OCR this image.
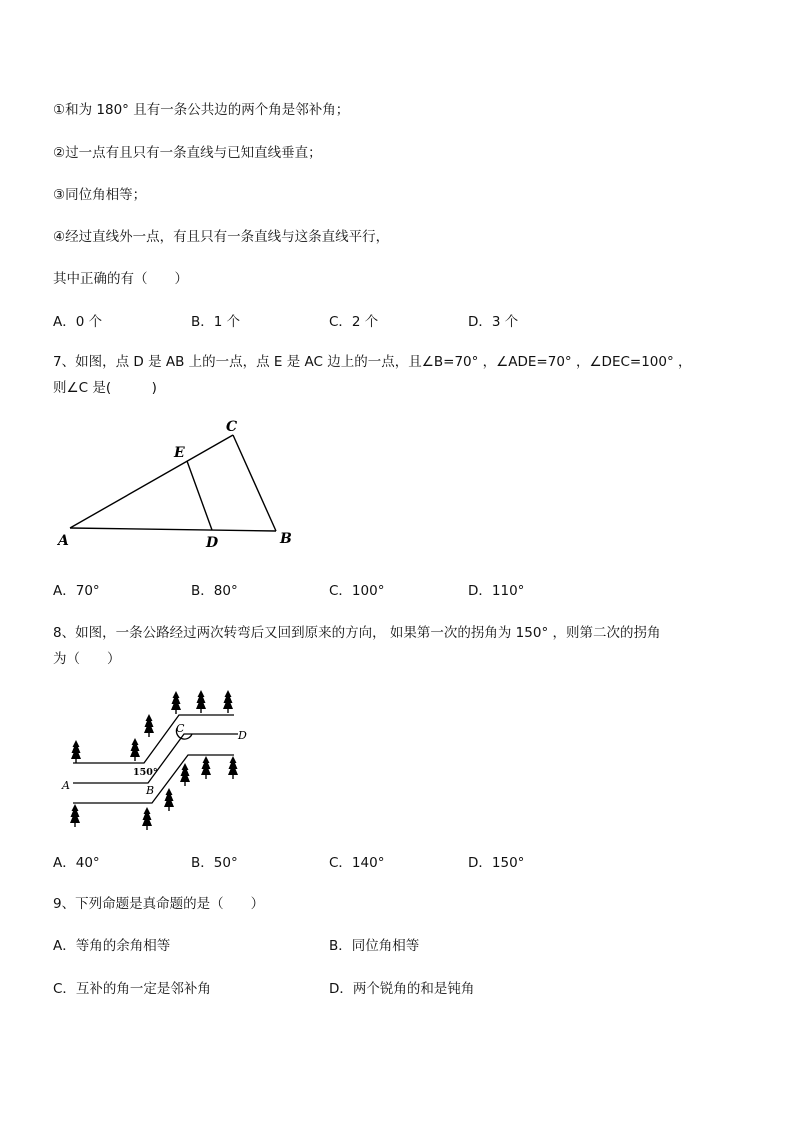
①和为 180° 且有一条公共边的两个角是邻补角；
②过一点有且只有一条直线与已知直线垂直；
③同位角相等；
④经过直线外一点，有且只有一条直线与这条直线平行，
其中正确的有（　　）
A．0 个	B．1 个	C．2 个	D．3 个
7、如图，点 D 是 AB 上的一点，点 E 是 AC 边上的一点，且∠B=70° ，∠ADE=70° ，∠DEC=100° ，
则∠C 是(　　　)
A	B
C
D
E
A．70°	B．80°	C．100°	D．110°
8、如图，一条公路经过两次转弯后又回到原来的方向， 如果第一次的拐角为 150° ，则第二次的拐角
为（　　）
A	B
C
D
150°
A．40°	B．50°	C．140°	D．150°
9、下列命题是真命题的是（　　）
A．等角的余角相等	B．同位角相等
C．互补的角一定是邻补角	D．两个锐角的和是钝角
